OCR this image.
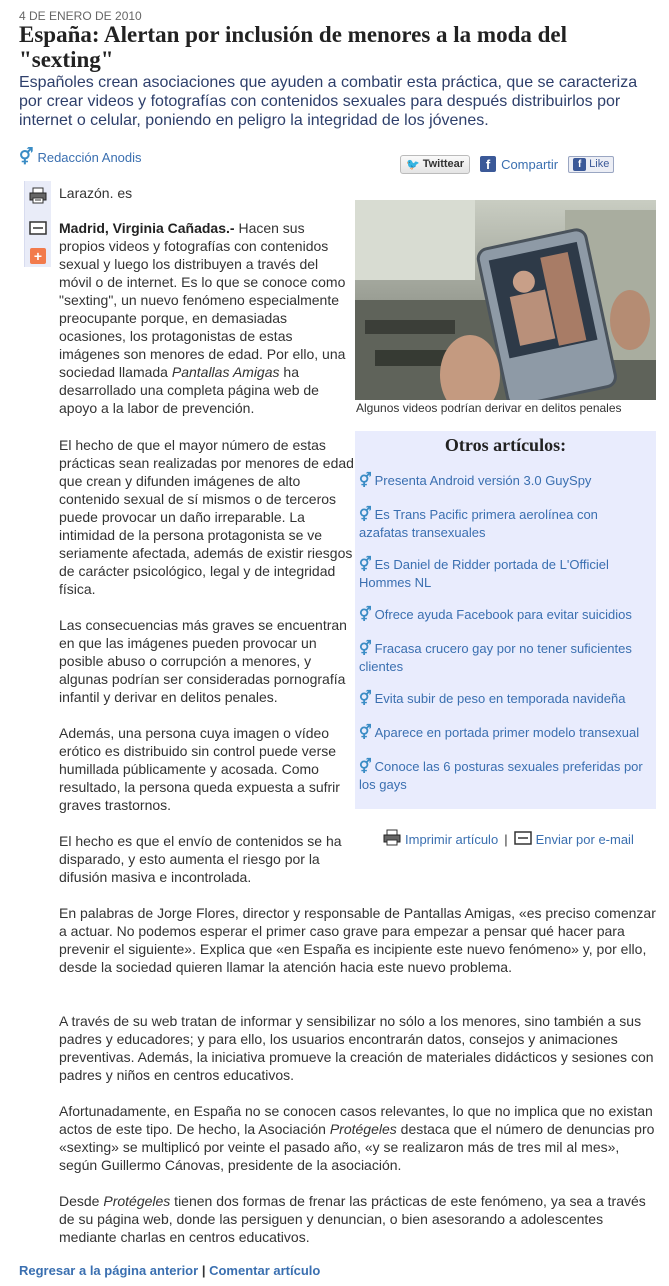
4 DE ENERO DE 2010
España: Alertan por inclusión de menores a la moda del "sexting"

Españoles crean asociaciones que ayuden a combatir esta práctica, que se caracteriza por crear videos y fotografías con contenidos sexuales para después distribuirlos por internet o celular, poniendo en peligro la integridad de los jóvenes.

⚥ Redacción Anodis	🐦 Twittear	f Compartir	f Like
+

Larazón. es

Madrid, Virginia Cañadas.- Hacen sus propios videos y fotografías con contenidos sexual y luego los distribuyen a través del móvil o de internet. Es lo que se conoce como "sexting", un nuevo fenómeno especialmente preocupante porque, en demasiadas ocasiones, los protagonistas de estas imágenes son menores de edad. Por ello, una sociedad llamada Pantallas Amigas ha desarrollado una completa página web de apoyo a la labor de prevención.	Algunos videos podrían derivar en delitos penales
Otros artículos:
⚥ Presenta Android versión 3.0 GuySpy
⚥ Es Trans Pacific primera aerolínea con azafatas transexuales
⚥ Es Daniel de Ridder portada de L'Officiel Hommes NL
⚥ Ofrece ayuda Facebook para evitar suicidios
⚥ Fracasa crucero gay por no tener suficientes clientes
⚥ Evita subir de peso en temporada navideña
⚥ Aparece en portada primer modelo transexual
⚥ Conoce las 6 posturas sexuales preferidas por los gays

El hecho de que el mayor número de estas prácticas sean realizadas por menores de edad que crean y difunden imágenes de alto contenido sexual de sí mismos o de terceros puede provocar un daño irreparable. La intimidad de la persona protagonista se ve seriamente afectada, además de existir riesgos de carácter psicológico, legal y de integridad física.

Las consecuencias más graves se encuentran en que las imágenes pueden provocar un posible abuso o corrupción a menores, y algunas podrían ser consideradas pornografía infantil y derivar en delitos penales.

Además, una persona cuya imagen o vídeo erótico es distribuido sin control puede verse humillada públicamente y acosada. Como resultado, la persona queda expuesta a sufrir graves trastornos.

El hecho es que el envío de contenidos se ha disparado, y esto aumenta el riesgo por la difusión masiva e incontrolada.

Imprimir artículo | Enviar por e-mail

En palabras de Jorge Flores, director y responsable de Pantallas Amigas, «es preciso comenzar a actuar. No podemos esperar el primer caso grave para empezar a pensar qué hacer para prevenir el siguiente». Explica que «en España es incipiente este nuevo fenómeno» y, por ello, desde la sociedad quieren llamar la atención hacia este nuevo problema.

A través de su web tratan de informar y sensibilizar no sólo a los menores, sino también a sus padres y educadores; y para ello, los usuarios encontrarán datos, consejos y animaciones preventivas. Además, la iniciativa promueve la creación de materiales didácticos y sesiones con padres y niños en centros educativos.

Afortunadamente, en España no se conocen casos relevantes, lo que no implica que no existan actos de este tipo. De hecho, la Asociación Protégeles destaca que el número de denuncias pro «sexting» se multiplicó por veinte el pasado año, «y se realizaron más de tres mil al mes», según Guillermo Cánovas, presidente de la asociación.

Desde Protégeles tienen dos formas de frenar las prácticas de este fenómeno, ya sea a través de su página web, donde las persiguen y denuncian, o bien asesorando a adolescentes mediante charlas en centros educativos.

Regresar a la página anterior | Comentar artículo
